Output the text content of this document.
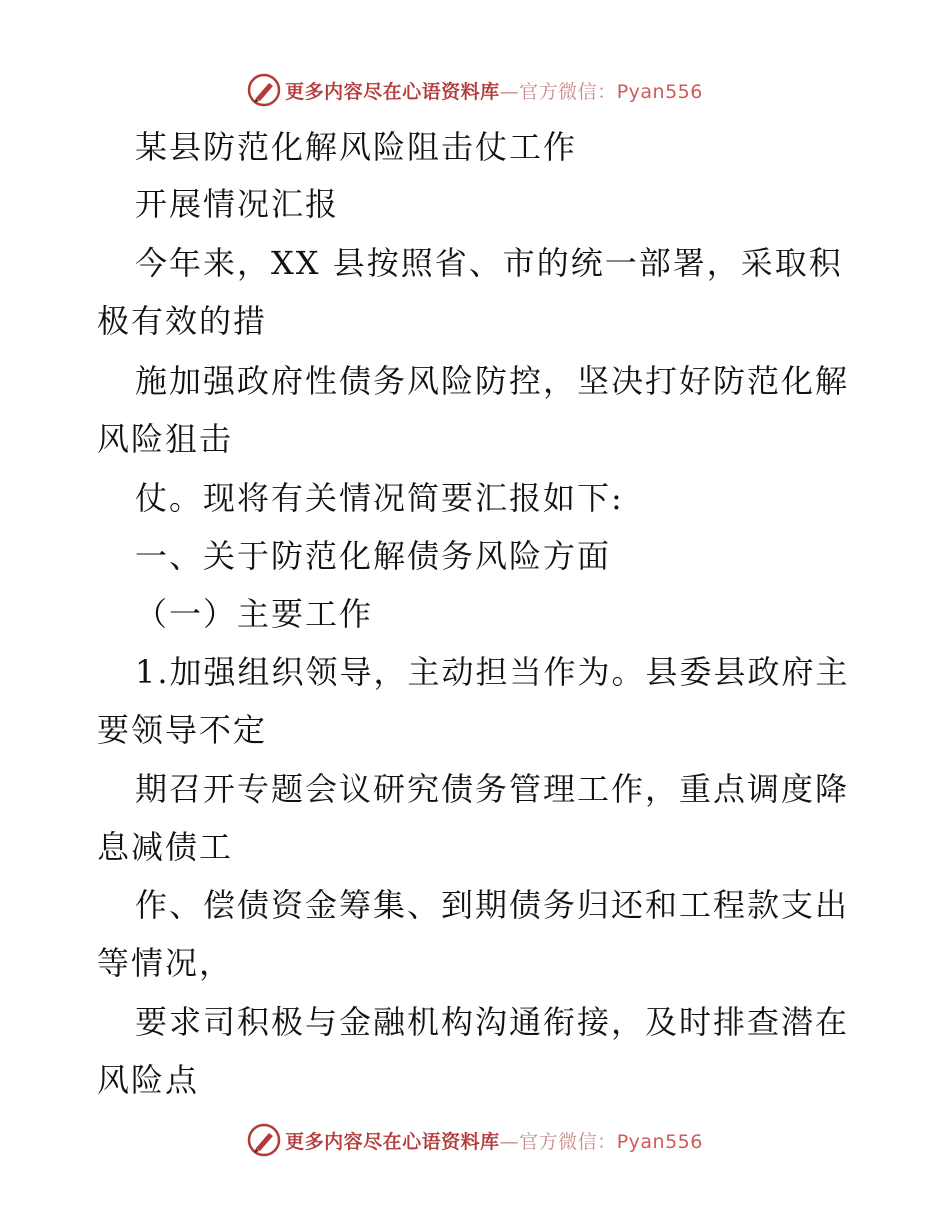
更多内容尽在心语资料库—官方微信：Pyan556
某县防范化解风险阻击仗工作
开展情况汇报
今年来，XX 县按照省、市的统一部署，采取积
极有效的措
施加强政府性债务风险防控，坚决打好防范化解
风险狙击
仗。现将有关情况简要汇报如下:
一、关于防范化解债务风险方面
（一）主要工作
1.加强组织领导，主动担当作为。县委县政府主
要领导不定
期召开专题会议研究债务管理工作，重点调度降
息减债工
作、偿债资金筹集、到期债务归还和工程款支出
等情况，
要求司积极与金融机构沟通衔接，及时排查潜在
风险点
更多内容尽在心语资料库—官方微信：Pyan556
